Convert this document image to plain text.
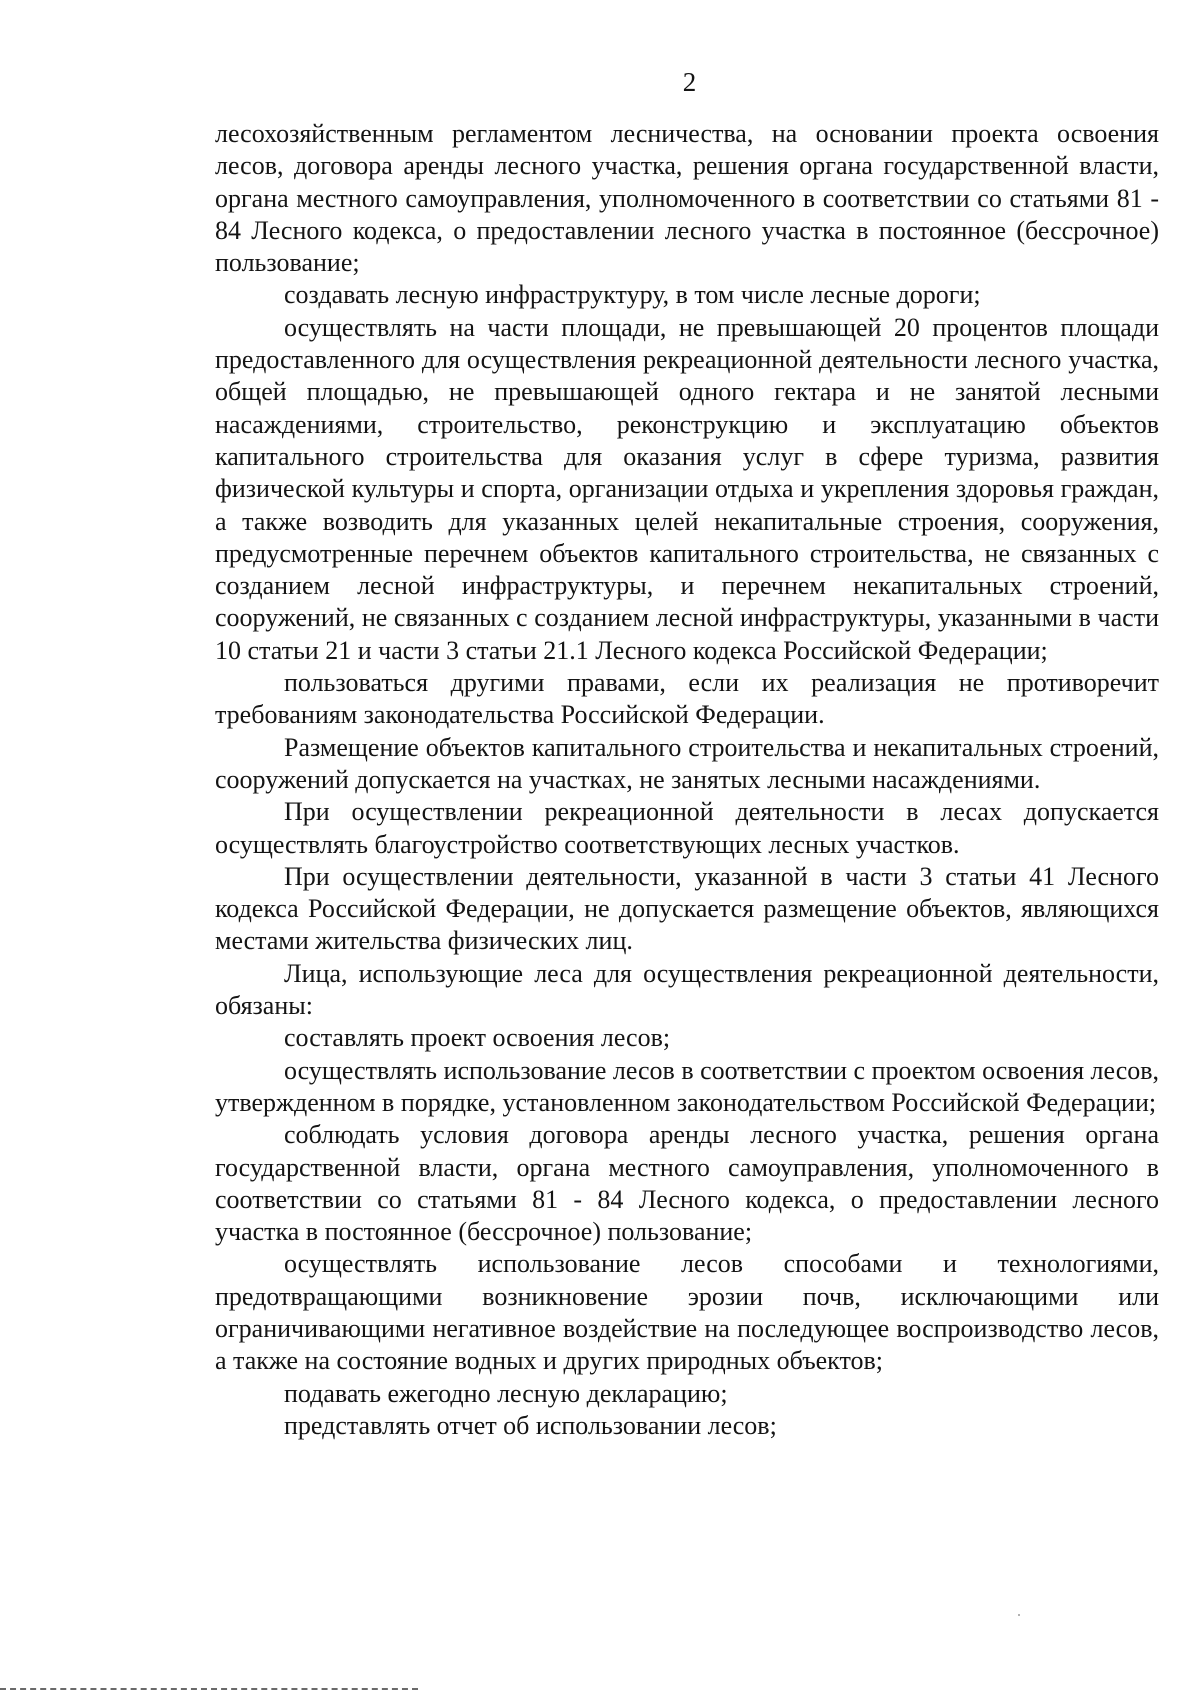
2

лесохозяйственным регламентом лесничества, на основании проекта освоения лесов, договора аренды лесного участка, решения органа государственной власти, органа местного самоуправления, уполномоченного в соответствии со статьями 81 - 84 Лесного кодекса, о предоставлении лесного участка в постоянное (бессрочное) пользование;

создавать лесную инфраструктуру, в том числе лесные дороги;

осуществлять на части площади, не превышающей 20 процентов площади предоставленного для осуществления рекреационной деятельности лесного участка, общей площадью, не превышающей одного гектара и не занятой лесными насаждениями, строительство, реконструкцию и эксплуатацию объектов капитального строительства для оказания услуг в сфере туризма, развития физической культуры и спорта, организации отдыха и укрепления здоровья граждан, а также возводить для указанных целей некапитальные строения, сооружения, предусмотренные перечнем объектов капитального строительства, не связанных с созданием лесной инфраструктуры, и перечнем некапитальных строений, сооружений, не связанных с созданием лесной инфраструктуры, указанными в части 10 статьи 21 и части 3 статьи 21.1 Лесного кодекса Российской Федерации;

пользоваться другими правами, если их реализация не противоречит требованиям законодательства Российской Федерации.

Размещение объектов капитального строительства и некапитальных строений, сооружений допускается на участках, не занятых лесными насаждениями.

При осуществлении рекреационной деятельности в лесах допускается осуществлять благоустройство соответствующих лесных участков.

При осуществлении деятельности, указанной в части 3 статьи 41 Лесного кодекса Российской Федерации, не допускается размещение объектов, являющихся местами жительства физических лиц.

Лица, использующие леса для осуществления рекреационной деятельности, обязаны:

составлять проект освоения лесов;

осуществлять использование лесов в соответствии с проектом освоения лесов, утвержденном в порядке, установленном законодательством Российской Федерации;

соблюдать условия договора аренды лесного участка, решения органа государственной власти, органа местного самоуправления, уполномоченного в соответствии со статьями 81 - 84 Лесного кодекса, о предоставлении лесного участка в постоянное (бессрочное) пользование;

осуществлять использование лесов способами и технологиями, предотвращающими возникновение эрозии почв, исключающими или ограничивающими негативное воздействие на последующее воспроизводство лесов, а также на состояние водных и других природных объектов;

подавать ежегодно лесную декларацию;

представлять отчет об использовании лесов;
